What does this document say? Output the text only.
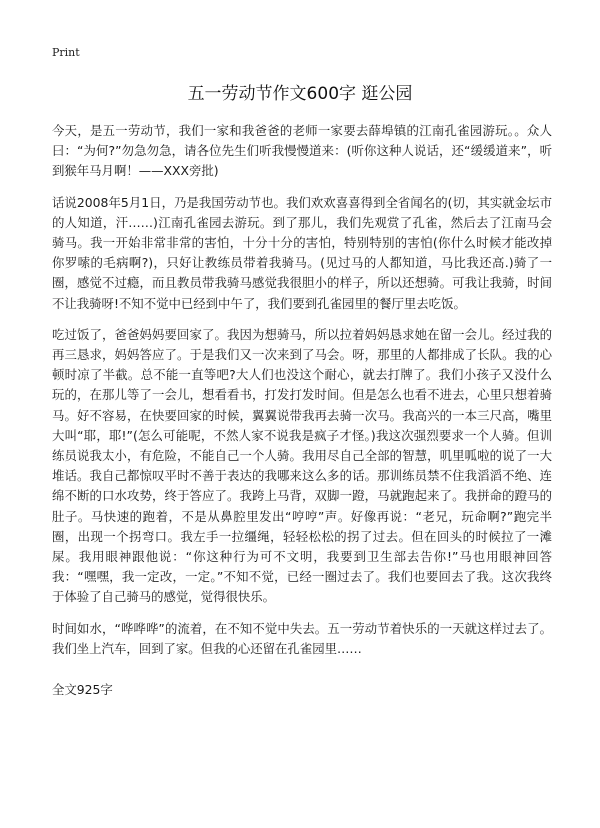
Print
五一劳动节作文600字 逛公园

今天，是五一劳动节，我们一家和我爸爸的老师一家要去薛埠镇的江南孔雀园游玩。。众人曰：“为何?”勿急勿急，请各位先生们听我慢慢道来：(听你这种人说话，还“缓缓道来”，听到猴年马月啊！——XXX旁批)

话说2008年5月1日，乃是我国劳动节也。我们欢欢喜喜得到全省闻名的(切，其实就金坛市的人知道，汗……)江南孔雀园去游玩。到了那儿，我们先观赏了孔雀，然后去了江南马会骑马。我一开始非常非常的害怕，十分十分的害怕，特别特别的害怕(你什么时候才能改掉你罗嗦的毛病啊?)，只好让教练员带着我骑马。(见过马的人都知道，马比我还高.)骑了一圈，感觉不过瘾，而且教员带我骑马感觉我很胆小的样子，所以还想骑。可我让我骑，时间不让我骑呀!不知不觉中已经到中午了，我们要到孔雀园里的餐厅里去吃饭。

吃过饭了，爸爸妈妈要回家了。我因为想骑马，所以拉着妈妈恳求她在留一会儿。经过我的再三恳求，妈妈答应了。于是我们又一次来到了马会。呀，那里的人都排成了长队。我的心顿时凉了半截。总不能一直等吧?大人们也没这个耐心，就去打牌了。我们小孩子又没什么玩的，在那儿等了一会儿，想看看书，打发打发时间。但是怎么也看不进去，心里只想着骑马。好不容易，在快要回家的时候，翼翼说带我再去骑一次马。我高兴的一本三尺高，嘴里大叫“耶，耶!”(怎么可能呢，不然人家不说我是疯子才怪。)我这次强烈要求一个人骑。但训练员说我太小，有危险，不能自己一个人骑。我用尽自己全部的智慧，叽里呱啦的说了一大堆话。我自己都惊叹平时不善于表达的我哪来这么多的话。那训练员禁不住我滔滔不绝、连绵不断的口水攻势，终于答应了。我跨上马背，双脚一蹬，马就跑起来了。我拼命的蹬马的肚子。马快速的跑着，不是从鼻腔里发出“哼哼”声。好像再说：“老兄，玩命啊?”跑完半圈，出现一个拐弯口。我左手一拉缰绳，轻轻松松的拐了过去。但在回头的时候拉了一滩屎。我用眼神跟他说：“你这种行为可不文明，我要到卫生部去告你!”马也用眼神回答我：“嘿嘿，我一定改，一定。”不知不觉，已经一圈过去了。我们也要回去了我。这次我终于体验了自己骑马的感觉，觉得很快乐。

时间如水，“哗哗哗”的流着，在不知不觉中失去。五一劳动节着快乐的一天就这样过去了。我们坐上汽车，回到了家。但我的心还留在孔雀园里……

全文925字
